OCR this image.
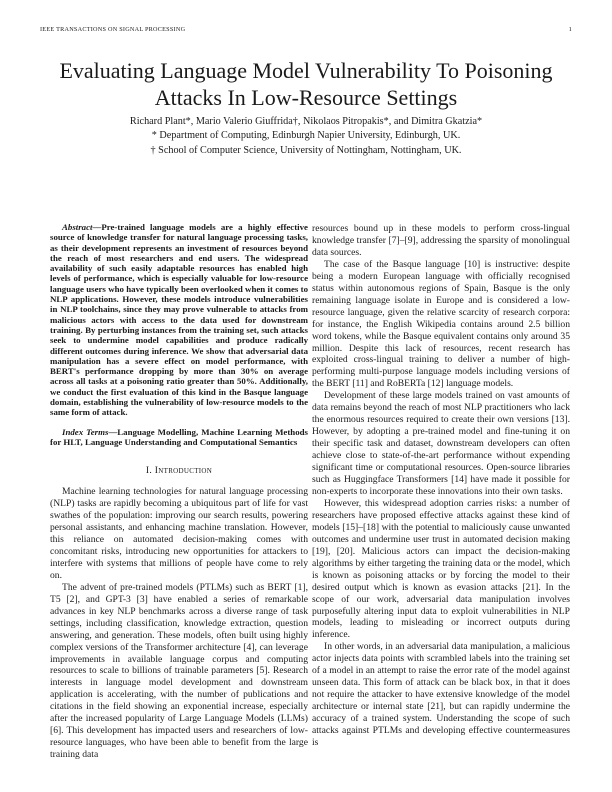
IEEE TRANSACTIONS ON SIGNAL PROCESSING	1
Evaluating Language Model Vulnerability To Poisoning Attacks In Low-Resource Settings
Richard Plant*, Mario Valerio Giuffrida†, Nikolaos Pitropakis*, and Dimitra Gkatzia*
* Department of Computing, Edinburgh Napier University, Edinburgh, UK.
† School of Computer Science, University of Nottingham, Nottingham, UK.

Abstract—Pre-trained language models are a highly effective source of knowledge transfer for natural language processing tasks, as their development represents an investment of resources beyond the reach of most researchers and end users. The widespread availability of such easily adaptable resources has enabled high levels of performance, which is especially valuable for low-resource language users who have typically been overlooked when it comes to NLP applications. However, these models introduce vulnerabilities in NLP toolchains, since they may prove vulnerable to attacks from malicious actors with access to the data used for downstream training. By perturbing instances from the training set, such attacks seek to undermine model capabilities and produce radically different outcomes during inference. We show that adversarial data manipulation has a severe effect on model performance, with BERT's performance dropping by more than 30% on average across all tasks at a poisoning ratio greater than 50%. Additionally, we conduct the first evaluation of this kind in the Basque language domain, establishing the vulnerability of low-resource models to the same form of attack.

Index Terms—Language Modelling, Machine Learning Methods for HLT, Language Understanding and Computational Semantics

I. Introduction

Machine learning technologies for natural language processing (NLP) tasks are rapidly becoming a ubiquitous part of life for vast swathes of the population: improving our search results, powering personal assistants, and enhancing machine translation. However, this reliance on automated decision-making comes with concomitant risks, introducing new opportunities for attackers to interfere with systems that millions of people have come to rely on.

The advent of pre-trained models (PTLMs) such as BERT [1], T5 [2], and GPT-3 [3] have enabled a series of remarkable advances in key NLP benchmarks across a diverse range of task settings, including classification, knowledge extraction, question answering, and generation. These models, often built using highly complex versions of the Transformer architecture [4], can leverage improvements in available language corpus and computing resources to scale to billions of trainable parameters [5]. Research interests in language model development and downstream application is accelerating, with the number of publications and citations in the field showing an exponential increase, especially after the increased popularity of Large Language Models (LLMs) [6]. This development has impacted users and researchers of low-resource languages, who have been able to benefit from the large training data

resources bound up in these models to perform cross-lingual knowledge transfer [7]–[9], addressing the sparsity of monolingual data sources.

The case of the Basque language [10] is instructive: despite being a modern European language with officially recognised status within autonomous regions of Spain, Basque is the only remaining language isolate in Europe and is considered a low-resource language, given the relative scarcity of research corpora: for instance, the English Wikipedia contains around 2.5 billion word tokens, while the Basque equivalent contains only around 35 million. Despite this lack of resources, recent research has exploited cross-lingual training to deliver a number of high-performing multi-purpose language models including versions of the BERT [11] and RoBERTa [12] language models.

Development of these large models trained on vast amounts of data remains beyond the reach of most NLP practitioners who lack the enormous resources required to create their own versions [13]. However, by adopting a pre-trained model and fine-tuning it on their specific task and dataset, downstream developers can often achieve close to state-of-the-art performance without expending significant time or computational resources. Open-source libraries such as Huggingface Transformers [14] have made it possible for non-experts to incorporate these innovations into their own tasks.

However, this widespread adoption carries risks: a number of researchers have proposed effective attacks against these kind of models [15]–[18] with the potential to maliciously cause unwanted outcomes and undermine user trust in automated decision making [19], [20]. Malicious actors can impact the decision-making algorithms by either targeting the training data or the model, which is known as poisoning attacks or by forcing the model to their desired output which is known as evasion attacks [21]. In the scope of our work, adversarial data manipulation involves purposefully altering input data to exploit vulnerabilities in NLP models, leading to misleading or incorrect outputs during inference.

In other words, in an adversarial data manipulation, a malicious actor injects data points with scrambled labels into the training set of a model in an attempt to raise the error rate of the model against unseen data. This form of attack can be black box, in that it does not require the attacker to have extensive knowledge of the model architecture or internal state [21], but can rapidly undermine the accuracy of a trained system. Understanding the scope of such attacks against PTLMs and developing effective countermeasures is
